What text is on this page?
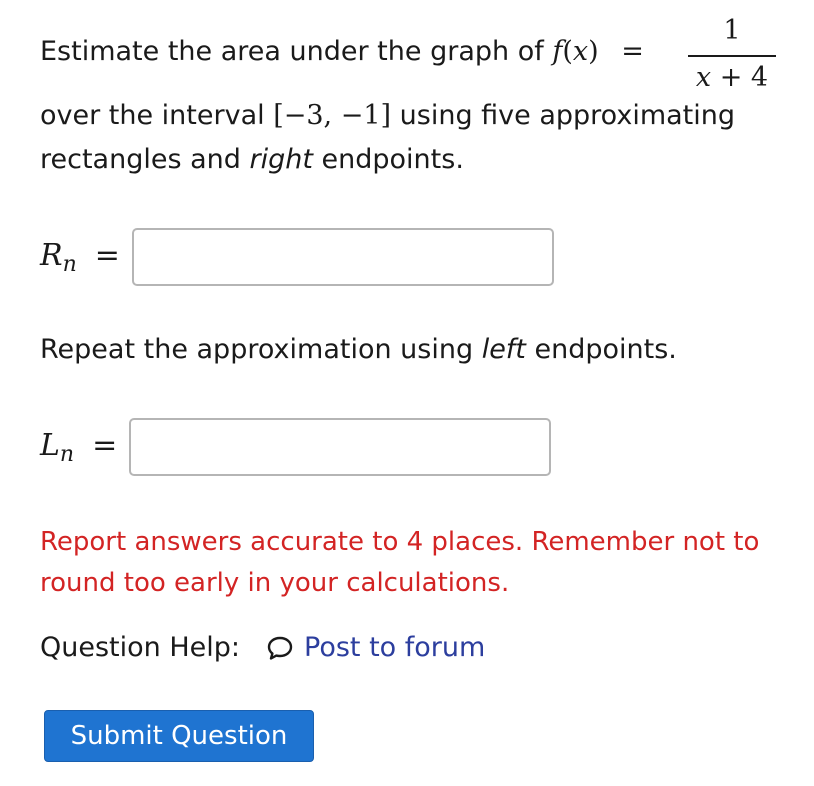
Estimate the area under the graph of f(x) =
1
x + 4
over the interval [−3, −1] using five approximating
rectangles and right endpoints.
$R_n$ =
Repeat the approximation using left endpoints.
$L_n$ =
Report answers accurate to 4 places. Remember not to round too early in your calculations.
Question Help: Post to forum
Submit Question
